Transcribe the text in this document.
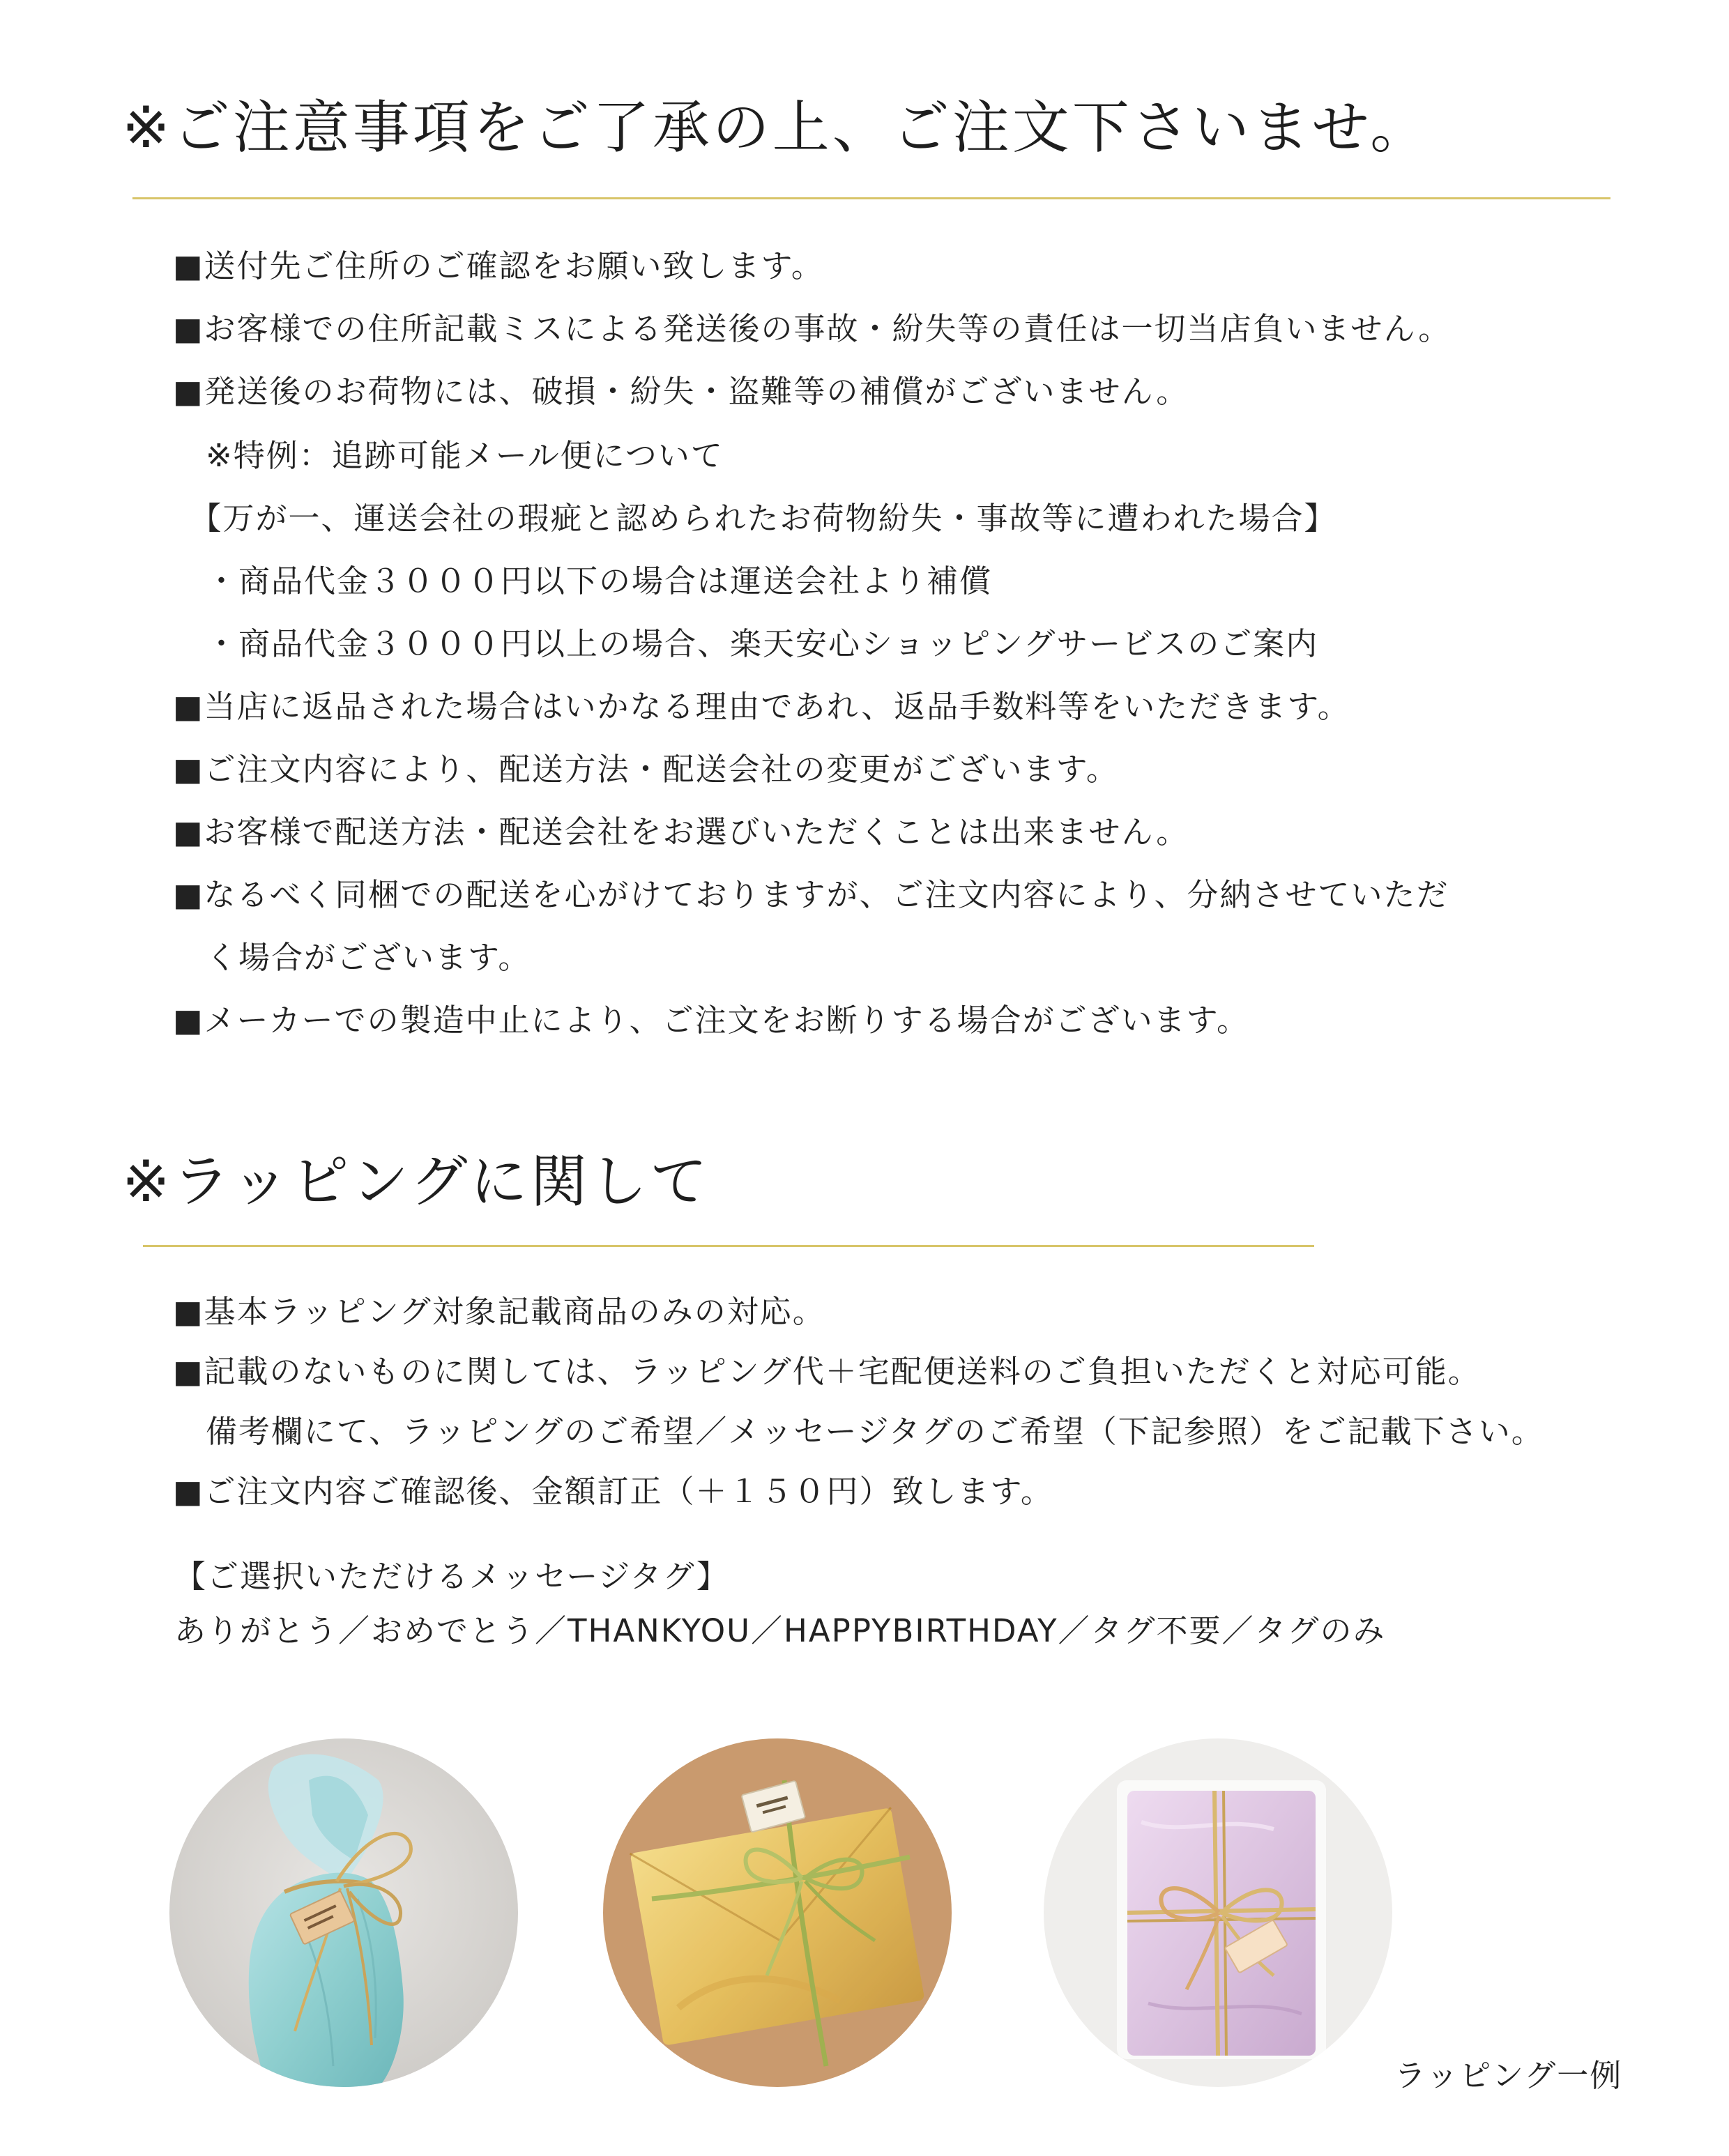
※ご注意事項をご了承の上、ご注文下さいませ。
■送付先ご住所のご確認をお願い致します。
■お客様での住所記載ミスによる発送後の事故・紛失等の責任は一切当店負いません。
■発送後のお荷物には、破損・紛失・盗難等の補償がございません。
　※特例：追跡可能メール便について
　【万が一、運送会社の瑕疵と認められたお荷物紛失・事故等に遭われた場合】
　・商品代金３０００円以下の場合は運送会社より補償
　・商品代金３０００円以上の場合、楽天安心ショッピングサービスのご案内
■当店に返品された場合はいかなる理由であれ、返品手数料等をいただきます。
■ご注文内容により、配送方法・配送会社の変更がございます。
■お客様で配送方法・配送会社をお選びいただくことは出来ません。
■なるべく同梱での配送を心がけておりますが、ご注文内容により、分納させていただ
　く場合がございます。
■メーカーでの製造中止により、ご注文をお断りする場合がございます。
※ラッピングに関して
■基本ラッピング対象記載商品のみの対応。
■記載のないものに関しては、ラッピング代＋宅配便送料のご負担いただくと対応可能。
　備考欄にて、ラッピングのご希望／メッセージタグのご希望（下記参照）をご記載下さい。
■ご注文内容ご確認後、金額訂正（＋１５０円）致します。
【ご選択いただけるメッセージタグ】
ありがとう／おめでとう／THANKYOU／HAPPYBIRTHDAY／タグ不要／タグのみ
ラッピング一例
